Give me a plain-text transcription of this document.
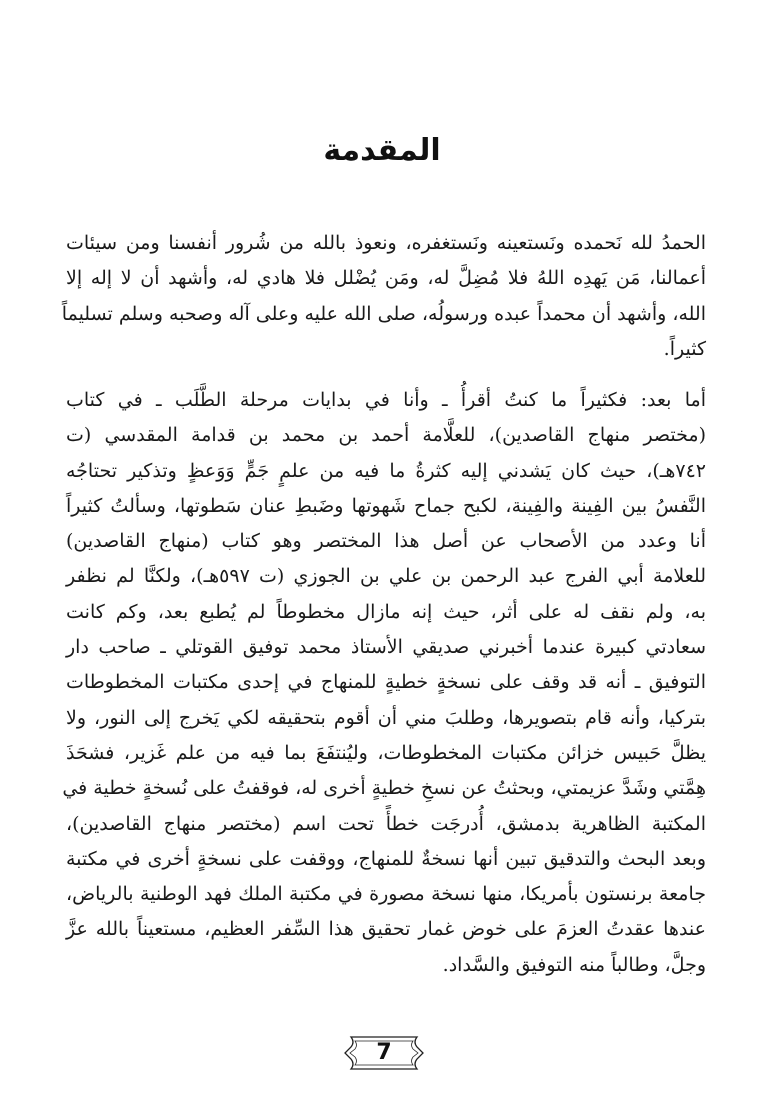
المقدمة
الحمدُ لله نَحمده ونَستعينه ونَستغفره، ونعوذ بالله من شُرور أنفسنا ومن سيئات
أعمالنا، مَن يَهدِه اللهُ فلا مُضِلَّ له، ومَن يُضْلل فلا هادي له، وأشهد أن لا إله إلا
الله، وأشهد أن محمداً عبده ورسولُه، صلى الله عليه وعلى آله وصحبه وسلم تسليماً
كثيراً.
أما بعد: فكثيراً ما كنتُ أقرأُ ـ وأنا في بدايات مرحلة الطَّلَب ـ في كتاب
(مختصر منهاج القاصدين)، للعلَّامة أحمد بن محمد بن قدامة المقدسي (ت
٧٤٢هـ)، حيث كان يَشدني إليه كثرةُ ما فيه من علمٍ جَمٍّ وَوَعظٍ وتذكير تحتاجُه
النَّفسُ بين الفِينة والفِينة، لكبح جماح شَهوتها وضَبطِ عنان سَطوتها، وسألتُ كثيراً
أنا وعدد من الأصحاب عن أصل هذا المختصر وهو كتاب (منهاج القاصدين)
للعلامة أبي الفرج عبد الرحمن بن علي بن الجوزي (ت ٥٩٧هـ)، ولكنَّا لم نظفر
به، ولم نقف له على أثر، حيث إنه مازال مخطوطاً لم يُطبع بعد، وكم كانت
سعادتي كبيرة عندما أخبرني صديقي الأستاذ محمد توفيق القوتلي ـ صاحب دار
التوفيق ـ أنه قد وقف على نسخةٍ خطيةٍ للمنهاج في إحدى مكتبات المخطوطات
بتركيا، وأنه قام بتصويرها، وطلبَ مني أن أقوم بتحقيقه لكي يَخرج إلى النور، ولا
يظلَّ حَبيس خزائن مكتبات المخطوطات، وليُنتفَعَ بما فيه من علم غَزير، فشحَذَ
هِمَّتي وشَدَّ عزيمتي، وبحثتُ عن نسخِ خطيةٍ أخرى له، فوقفتُ على نُسخةٍ خطية في
المكتبة الظاهرية بدمشق، أُدرجَت خطأً تحت اسم (مختصر منهاج القاصدين)،
وبعد البحث والتدقيق تبين أنها نسخةٌ للمنهاج، ووقفت على نسخةٍ أخرى في مكتبة
جامعة برنستون بأمريكا، منها نسخة مصورة في مكتبة الملك فهد الوطنية بالرياض،
عندها عقدتُ العزمَ على خوض غمار تحقيق هذا السِّفر العظيم، مستعيناً بالله عزَّ
وجلَّ، وطالباً منه التوفيق والسَّداد.
7
